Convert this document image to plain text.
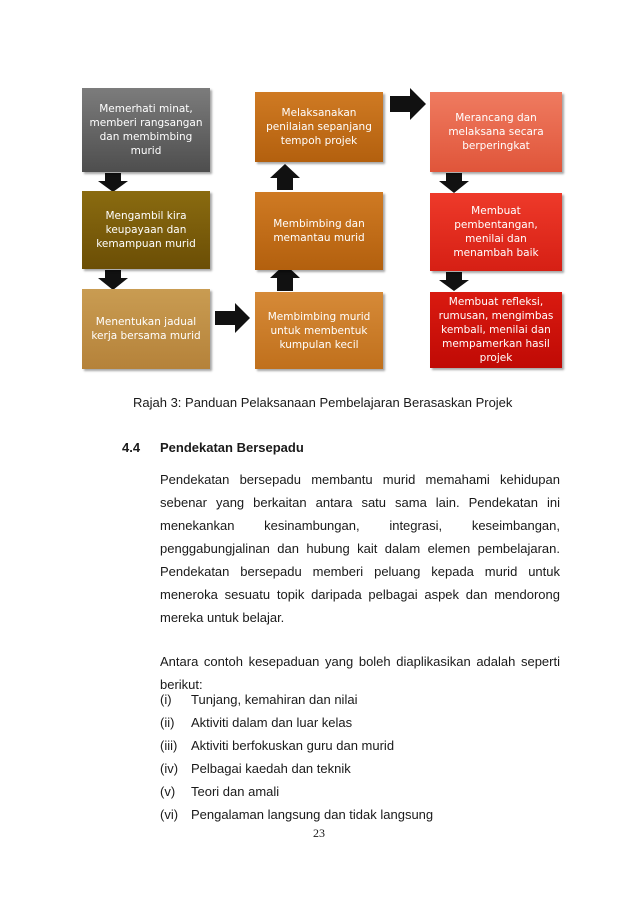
Memerhati minat,
memberi rangsangan
dan membimbing
murid
Mengambil kira
keupayaan dan
kemampuan murid
Menentukan jadual
kerja bersama murid
Melaksanakan
penilaian sepanjang
tempoh projek
Membimbing dan
memantau murid
Membimbing murid
untuk membentuk
kumpulan kecil
Merancang dan
melaksana secara
berperingkat
Membuat
pembentangan,
menilai dan
menambah baik
Membuat refleksi,
rumusan, mengimbas
kembali, menilai dan
mempamerkan hasil
projek
Rajah 3: Panduan Pelaksanaan Pembelajaran Berasaskan Projek
4.4 Pendekatan Bersepadu
Pendekatan bersepadu membantu murid memahami kehidupan sebenar yang berkaitan antara satu sama lain. Pendekatan ini menekankan kesinambungan, integrasi, keseimbangan, penggabungjalinan dan hubung kait dalam elemen pembelajaran. Pendekatan bersepadu memberi peluang kepada murid untuk meneroka sesuatu topik daripada pelbagai aspek dan mendorong mereka untuk belajar.
Antara contoh kesepaduan yang boleh diaplikasikan adalah seperti berikut:
(i) Tunjang, kemahiran dan nilai
(ii) Aktiviti dalam dan luar kelas
(iii) Aktiviti berfokuskan guru dan murid
(iv) Pelbagai kaedah dan teknik
(v) Teori dan amali
(vi) Pengalaman langsung dan tidak langsung
23
